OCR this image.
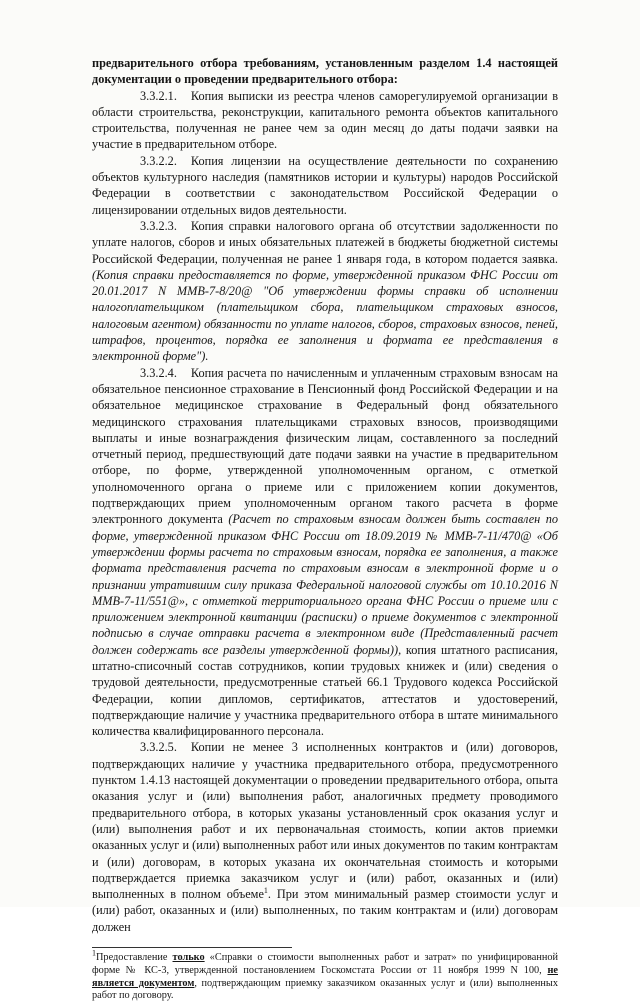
предварительного отбора требованиям, установленным разделом 1.4 настоящей документации о проведении предварительного отбора:

3.3.2.1. Копия выписки из реестра членов саморегулируемой организации в области строительства, реконструкции, капитального ремонта объектов капитального строительства, полученная не ранее чем за один месяц до даты подачи заявки на участие в предварительном отборе.

3.3.2.2. Копия лицензии на осуществление деятельности по сохранению объектов культурного наследия (памятников истории и культуры) народов Российской Федерации в соответствии с законодательством Российской Федерации о лицензировании отдельных видов деятельности.

3.3.2.3. Копия справки налогового органа об отсутствии задолженности по уплате налогов, сборов и иных обязательных платежей в бюджеты бюджетной системы Российской Федерации, полученная не ранее 1 января года, в котором подается заявка. (Копия справки предоставляется по форме, утвержденной приказом ФНС России от 20.01.2017 N ММВ-7-8/20@ "Об утверждении формы справки об исполнении налогоплательщиком (плательщиком сбора, плательщиком страховых взносов, налоговым агентом) обязанности по уплате налогов, сборов, страховых взносов, пеней, штрафов, процентов, порядка ее заполнения и формата ее представления в электронной форме").

3.3.2.4. Копия расчета по начисленным и уплаченным страховым взносам на обязательное пенсионное страхование в Пенсионный фонд Российской Федерации и на обязательное медицинское страхование в Федеральный фонд обязательного медицинского страхования плательщиками страховых взносов, производящими выплаты и иные вознаграждения физическим лицам, составленного за последний отчетный период, предшествующий дате подачи заявки на участие в предварительном отборе, по форме, утвержденной уполномоченным органом, с отметкой уполномоченного органа о приеме или с приложением копии документов, подтверждающих прием уполномоченным органом такого расчета в форме электронного документа (Расчет по страховым взносам должен быть составлен по форме, утвержденной приказом ФНС России от 18.09.2019 № ММВ-7-11/470@ «Об утверждении формы расчета по страховым взносам, порядка ее заполнения, а также формата представления расчета по страховым взносам в электронной форме и о признании утратившим силу приказа Федеральной налоговой службы от 10.10.2016 N ММВ-7-11/551@», с отметкой территориального органа ФНС России о приеме или с приложением электронной квитанции (расписки) о приеме документов с электронной подписью в случае отправки расчета в электронном виде (Представленный расчет должен содержать все разделы утвержденной формы)), копия штатного расписания, штатно-списочный состав сотрудников, копии трудовых книжек и (или) сведения о трудовой деятельности, предусмотренные статьей 66.1 Трудового кодекса Российской Федерации, копии дипломов, сертификатов, аттестатов и удостоверений, подтверждающие наличие у участника предварительного отбора в штате минимального количества квалифицированного персонала.

3.3.2.5. Копии не менее 3 исполненных контрактов и (или) договоров, подтверждающих наличие у участника предварительного отбора, предусмотренного пунктом 1.4.13 настоящей документации о проведении предварительного отбора, опыта оказания услуг и (или) выполнения работ, аналогичных предмету проводимого предварительного отбора, в которых указаны установленный срок оказания услуг и (или) выполнения работ и их первоначальная стоимость, копии актов приемки оказанных услуг и (или) выполненных работ или иных документов по таким контрактам и (или) договорам, в которых указана их окончательная стоимость и которыми подтверждается приемка заказчиком услуг и (или) работ, оказанных и (или) выполненных в полном объеме$^1$. При этом минимальный размер стоимости услуг и (или) работ, оказанных и (или) выполненных, по таким контрактам и (или) договорам должен

$^1$Предоставление только «Справки о стоимости выполненных работ и затрат» по унифицированной форме № КС-3, утвержденной постановлением Госкомстата России от 11 ноября 1999 N 100, не является документом, подтверждающим приемку заказчиком оказанных услуг и (или) выполненных работ по договору.
